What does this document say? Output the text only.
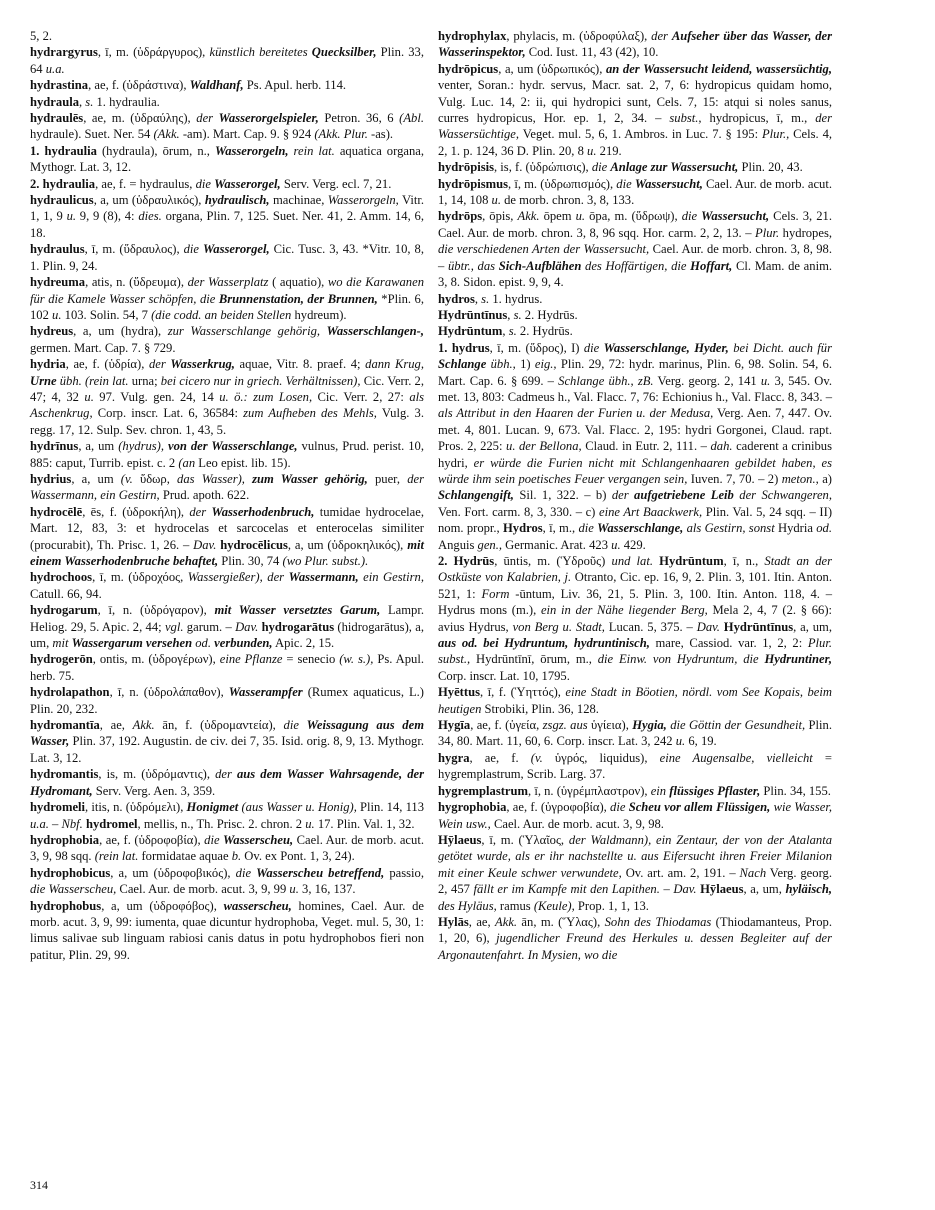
5, 2.

hydrargyrus, ī, m. (ὑδράργυρος), künstlich bereitetes Quecksilber, Plin. 33, 64 u.a.

hydrastina, ae, f. (ὑδράστινα), Waldhanf, Ps. Apul. herb. 114.

hydraula, s. 1. hydraulia.

hydraulēs, ae, m. (ὑδραύλης), der Wasserorgelspieler, Petron. 36, 6 (Abl. hydraule). Suet. Ner. 54 (Akk. -am). Mart. Cap. 9. § 924 (Akk. Plur. -as).

1. hydraulia (hydraula), ōrum, n., Wasserorgeln, rein lat. aquatica organa, Mythogr. Lat. 3, 12.

2. hydraulia, ae, f. = hydraulus, die Wasserorgel, Serv. Verg. ecl. 7, 21.

hydraulicus, a, um (ὑδραυλικός), hydraulisch, machinae, Wasserorgeln, Vitr. 1, 1, 9 u. 9, 9 (8), 4: dies. organa, Plin. 7, 125. Suet. Ner. 41, 2. Amm. 14, 6, 18.

hydraulus, ī, m. (ὕδραυλος), die Wasserorgel, Cic. Tusc. 3, 43. *Vitr. 10, 8, 1. Plin. 9, 24.

hydreuma, atis, n. (ὕδρευμα), der Wasserplatz ( aquatio), wo die Karawanen für die Kamele Wasser schöpfen, die Brunnenstation, der Brunnen, *Plin. 6, 102 u. 103. Solin. 54, 7 (die codd. an beiden Stellen hydreum).

hydreus, a, um (hydra), zur Wasserschlange gehörig, Wasserschlangen-, germen. Mart. Cap. 7. § 729.

hydria, ae, f. (ὑδρία), der Wasserkrug, aquae, Vitr. 8. praef. 4; dann Krug, Urne übh. (rein lat. urna; bei cicero nur in griech. Verhältnissen), Cic. Verr. 2, 47; 4, 32 u. 97. Vulg. gen. 24, 14 u. ö.: zum Losen, Cic. Verr. 2, 27: als Aschenkrug, Corp. inscr. Lat. 6, 36584: zum Aufheben des Mehls, Vulg. 3. regg. 17, 12. Sulp. Sev. chron. 1, 43, 5.

hydrīnus, a, um (hydrus), von der Wasserschlange, vulnus, Prud. perist. 10, 885: caput, Turrib. epist. c. 2 (an Leo epist. lib. 15).

hydrius, a, um (v. ὕδωρ, das Wasser), zum Wasser gehörig, puer, der Wassermann, ein Gestirn, Prud. apoth. 622.

hydrocēlē, ēs, f. (ὑδροκήλη), der Wasserhodenbruch, tumidae hydrocelae, Mart. 12, 83, 3: et hydrocelas et sarcocelas et enterocelas similiter (procurabit), Th. Prisc. 1, 26. – Dav. hydrocēlicus, a, um (ὑδροκηλικός), mit einem Wasserhodenbruche behaftet, Plin. 30, 74 (wo Plur. subst.).

hydrochoos, ī, m. (ὑδροχόος, Wassergießer), der Wassermann, ein Gestirn, Catull. 66, 94.

hydrogarum, ī, n. (ὑδρόγαρον), mit Wasser versetztes Garum, Lampr. Heliog. 29, 5. Apic. 2, 44; vgl. garum. – Dav. hydrogarātus (hidrogarātus), a, um, mit Wassergarum versehen od. verbunden, Apic. 2, 15.

hydrogerōn, ontis, m. (ὑδρογέρων), eine Pflanze = senecio (w. s.), Ps. Apul. herb. 75.

hydrolapathon, ī, n. (ὑδρολάπαθον), Wasserampfer (Rumex aquaticus, L.) Plin. 20, 232.

hydromantīa, ae, Akk. ān, f. (ὑδρομαντεία), die Weissagung aus dem Wasser, Plin. 37, 192. Augustin. de civ. dei 7, 35. Isid. orig. 8, 9, 13. Mythogr. Lat. 3, 12.

hydromantis, is, m. (ὑδρόμαντις), der aus dem Wasser Wahrsagende, der Hydromant, Serv. Verg. Aen. 3, 359.

hydromeli, itis, n. (ὑδρόμελι), Honigmet (aus Wasser u. Honig), Plin. 14, 113 u.a. – Nbf. hydromel, mellis, n., Th. Prisc. 2. chron. 2 u. 17. Plin. Val. 1, 32.

hydrophobia, ae, f. (ὑδροφοβία), die Wasserscheu, Cael. Aur. de morb. acut. 3, 9, 98 sqq. (rein lat. formidatae aquae b. Ov. ex Pont. 1, 3, 24).

hydrophobicus, a, um (ὑδροφοβικός), die Wasserscheu betreffend, passio, die Wasserscheu, Cael. Aur. de morb. acut. 3, 9, 99 u. 3, 16, 137.

hydrophobus, a, um (ὑδροφόβος), wasserscheu, homines, Cael. Aur. de morb. acut. 3, 9, 99: iumenta, quae dicuntur hydrophoba, Veget. mul. 5, 30, 1: limus salivae sub linguam rabiosi canis datus in potu hydrophobos fieri non patitur, Plin. 29, 99.

hydrophylax, phylacis, m. (ὑδροφύλαξ), der Aufseher über das Wasser, der Wasserinspektor, Cod. Iust. 11, 43 (42), 10.

hydrōpicus, a, um (ὑδρωπικός), an der Wassersucht leidend, wassersüchtig, venter, Soran.: hydr. servus, Macr. sat. 2, 7, 6: hydropicus quidam homo, Vulg. Luc. 14, 2: ii, qui hydropici sunt, Cels. 7, 15: atqui si noles sanus, curres hydropicus, Hor. ep. 1, 2, 34. – subst., hydropicus, ī, m., der Wassersüchtige, Veget. mul. 5, 6, 1. Ambros. in Luc. 7. § 195: Plur., Cels. 4, 2, 1. p. 124, 36 D. Plin. 20, 8 u. 219.

hydrōpisis, is, f. (ὑδρώπισις), die Anlage zur Wassersucht, Plin. 20, 43.

hydrōpismus, ī, m. (ὑδρωπισμός), die Wassersucht, Cael. Aur. de morb. acut. 1, 14, 108 u. de morb. chron. 3, 8, 133.

hydrōps, ōpis, Akk. ōpem u. ōpa, m. (ὕδρωψ), die Wassersucht, Cels. 3, 21. Cael. Aur. de morb. chron. 3, 8, 96 sqq. Hor. carm. 2, 2, 13. – Plur. hydropes, die verschiedenen Arten der Wassersucht, Cael. Aur. de morb. chron. 3, 8, 98. – übtr., das Sich-Aufblähen des Hoffärtigen, die Hoffart, Cl. Mam. de anim. 3, 8. Sidon. epist. 9, 9, 4.

hydros, s. 1. hydrus.

Hydrūntīnus, s. 2. Hydrūs.

Hydrūntum, s. 2. Hydrūs.

1. hydrus, ī, m. (ὕδρος), I) die Wasserschlange, Hyder, bei Dicht. auch für Schlange übh., 1) eig., Plin. 29, 72: hydr. marinus, Plin. 6, 98. Solin. 54, 6. Mart. Cap. 6. § 699. – Schlange übh., zB. Verg. georg. 2, 141 u. 3, 545. Ov. met. 13, 803: Cadmeus h., Val. Flacc. 7, 76: Echionius h., Val. Flacc. 8, 343. – als Attribut in den Haaren der Furien u. der Medusa, Verg. Aen. 7, 447. Ov. met. 4, 801. Lucan. 9, 673. Val. Flacc. 2, 195: hydri Gorgonei, Claud. rapt. Pros. 2, 225: u. der Bellona, Claud. in Eutr. 2, 111. – dah. caderent a crinibus hydri, er würde die Furien nicht mit Schlangenhaaren gebildet haben, es würde ihm sein poetisches Feuer vergangen sein, Iuven. 7, 70. – 2) meton., a) Schlangengift, Sil. 1, 322. – b) der aufgetriebene Leib der Schwangeren, Ven. Fort. carm. 8, 3, 330. – c) eine Art Baackwerk, Plin. Val. 5, 24 sqq. – II) nom. propr., Hydros, ī, m., die Wasserschlange, als Gestirn, sonst Hydria od. Anguis gen., Germanic. Arat. 423 u. 429.

2. Hydrūs, ūntis, m. (Ὑδροῦς) und lat. Hydrūntum, ī, n., Stadt an der Ostküste von Kalabrien, j. Otranto, Cic. ep. 16, 9, 2. Plin. 3, 101. Itin. Anton. 521, 1: Form -ūntum, Liv. 36, 21, 5. Plin. 3, 100. Itin. Anton. 118, 4. – Hydrus mons (m.), ein in der Nähe liegender Berg, Mela 2, 4, 7 (2. § 66): avius Hydrus, von Berg u. Stadt, Lucan. 5, 375. – Dav. Hydrūntīnus, a, um, aus od. bei Hydruntum, hydruntinisch, mare, Cassiod. var. 1, 2, 2: Plur. subst., Hydrūntīnī, ōrum, m., die Einw. von Hydruntum, die Hydruntiner, Corp. inscr. Lat. 10, 1795.

Hyēttus, ī, f. (Ὑηττός), eine Stadt in Böotien, nördl. vom See Kopais, beim heutigen Strobiki, Plin. 36, 128.

Hygīa, ae, f. (ὑγεία, zsgz. aus ὑγίεια), Hygia, die Göttin der Gesundheit, Plin. 34, 80. Mart. 11, 60, 6. Corp. inscr. Lat. 3, 242 u. 6, 19.

hygra, ae, f. (v. ὑγρός, liquidus), eine Augensalbe, vielleicht = hygremplastrum, Scrib. Larg. 37.

hygremplastrum, ī, n. (ὑγρέμπλαστρον), ein flüssiges Pflaster, Plin. 34, 155.

hygrophobia, ae, f. (ὑγροφοβία), die Scheu vor allem Flüssigen, wie Wasser, Wein usw., Cael. Aur. de morb. acut. 3, 9, 98.

Hȳlaeus, ī, m. (Ὑλαῖος, der Waldmann), ein Zentaur, der von der Atalanta getötet wurde, als er ihr nachstellte u. aus Eifersucht ihren Freier Milanion mit einer Keule schwer verwundete, Ov. art. am. 2, 191. – Nach Verg. georg. 2, 457 fällt er im Kampfe mit den Lapithen. – Dav. Hȳlaeus, a, um, hyläisch, des Hyläus, ramus (Keule), Prop. 1, 1, 13.

Hylās, ae, Akk. ān, m. (Ὕλας), Sohn des Thiodamas (Thiodamanteus, Prop. 1, 20, 6), jugendlicher Freund des Herkules u. dessen Begleiter auf der Argonautenfahrt. In Mysien, wo die

314
